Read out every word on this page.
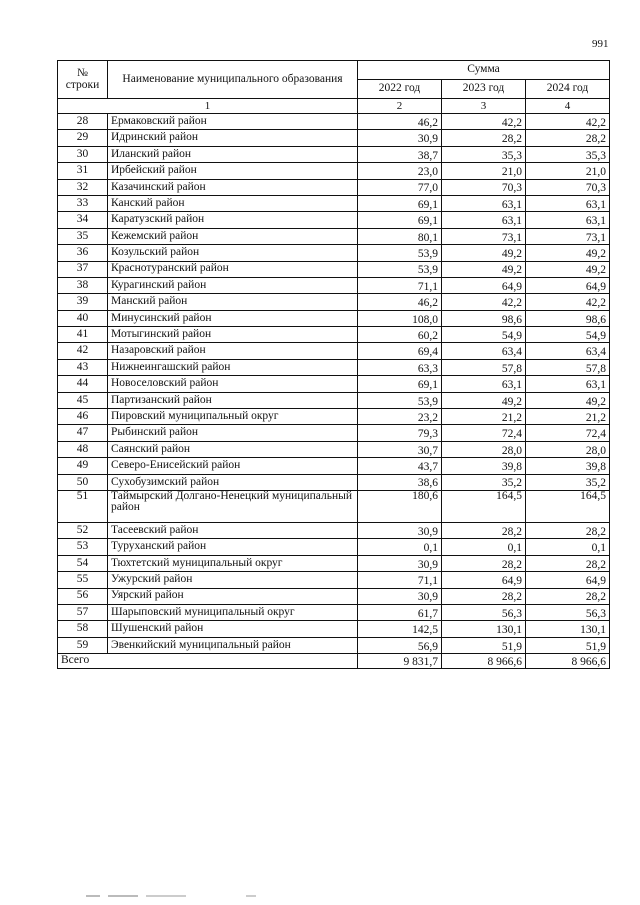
991
№ строки	Наименование муниципального образования	Сумма		
		2022 год	2023 год	2024 год
1		2	3	4
28	Ермаковский район	46,2	42,2	42,2
29	Идринский район	30,9	28,2	28,2
30	Иланский район	38,7	35,3	35,3
31	Ирбейский район	23,0	21,0	21,0
32	Казачинский район	77,0	70,3	70,3
33	Канский район	69,1	63,1	63,1
34	Каратузский район	69,1	63,1	63,1
35	Кежемский район	80,1	73,1	73,1
36	Козульский район	53,9	49,2	49,2
37	Краснотуранский район	53,9	49,2	49,2
38	Курагинский район	71,1	64,9	64,9
39	Манский район	46,2	42,2	42,2
40	Минусинский район	108,0	98,6	98,6
41	Мотыгинский район	60,2	54,9	54,9
42	Назаровский район	69,4	63,4	63,4
43	Нижнеингашский район	63,3	57,8	57,8
44	Новоселовский район	69,1	63,1	63,1
45	Партизанский район	53,9	49,2	49,2
46	Пировский муниципальный округ	23,2	21,2	21,2
47	Рыбинский район	79,3	72,4	72,4
48	Саянский район	30,7	28,0	28,0
49	Северо-Енисейский район	43,7	39,8	39,8
50	Сухобузимский район	38,6	35,2	35,2
51	Таймырский Долгано-Ненецкий муниципальный район	180,6	164,5	164,5
52	Тасеевский район	30,9	28,2	28,2
53	Туруханский район	0,1	0,1	0,1
54	Тюхтетский муниципальный округ	30,9	28,2	28,2
55	Ужурский район	71,1	64,9	64,9
56	Уярский район	30,9	28,2	28,2
57	Шарыповский муниципальный округ	61,7	56,3	56,3
58	Шушенский район	142,5	130,1	130,1
59	Эвенкийский муниципальный район	56,9	51,9	51,9
Всего		9 831,7	8 966,6	8 966,6
